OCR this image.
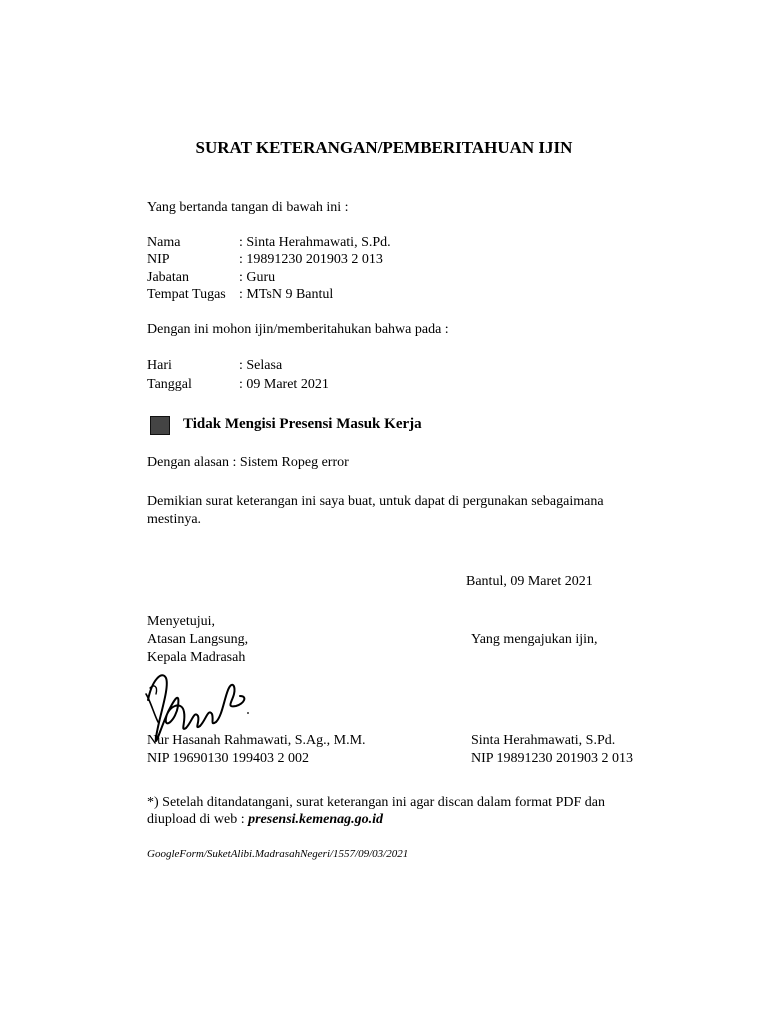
SURAT KETERANGAN/PEMBERITAHUAN IJIN
Yang bertanda tangan di bawah ini :
Nama	: Sinta Herahmawati, S.Pd.
NIP	: 19891230 201903 2 013
Jabatan	: Guru
Tempat Tugas : MTsN 9 Bantul
Dengan ini mohon ijin/memberitahukan bahwa pada :
Hari	: Selasa
Tanggal	: 09 Maret 2021
Tidak Mengisi Presensi Masuk Kerja
Dengan alasan : Sistem Ropeg error
Demikian surat keterangan ini saya buat, untuk dapat di pergunakan sebagaimana
mestinya.
Bantul, 09 Maret 2021
Menyetujui,
Atasan Langsung,
Kepala Madrasah
Yang mengajukan ijin,
Nur Hasanah Rahmawati, S.Ag., M.M.
NIP 19690130 199403 2 002
Sinta Herahmawati, S.Pd.
NIP 19891230 201903 2 013
*) Setelah ditandatangani, surat keterangan ini agar discan dalam format PDF dan
diupload di web : presensi.kemenag.go.id
GoogleForm/SuketAlibi.MadrasahNegeri/1557/09/03/2021
